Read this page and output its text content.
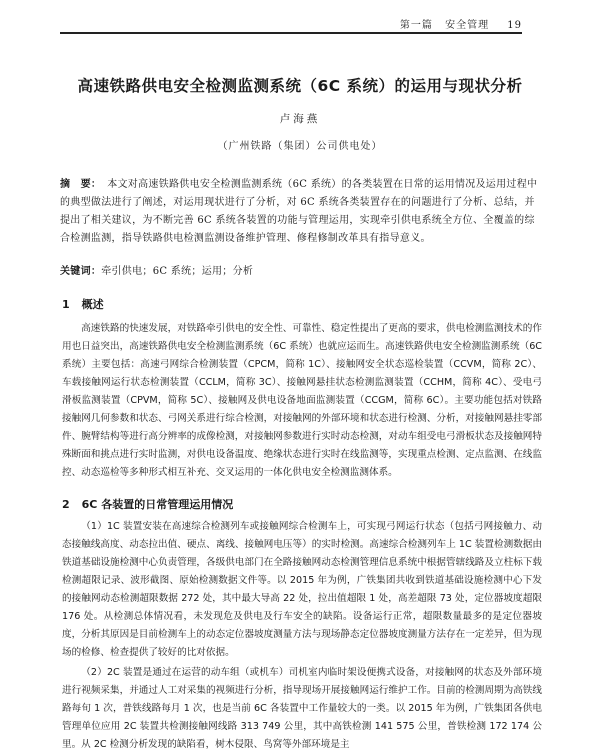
第一篇 安全管理 19
高速铁路供电安全检测监测系统（6C 系统）的运用与现状分析
卢海燕
（广州铁路（集团）公司供电处）
摘　要： 本文对高速铁路供电安全检测监测系统（6C 系统）的各类装置在日常的运用情况及运用过程中的典型做法进行了阐述，对运用现状进行了分析，对 6C 系统各类装置存在的问题进行了分析、总结，并提出了相关建议，为不断完善 6C 系统各装置的功能与管理运用，实现牵引供电系统全方位、全覆盖的综合检测监测，指导铁路供电检测监测设备维护管理、修程修制改革具有指导意义。
关键词：牵引供电；6C 系统；运用；分析
1 概述
高速铁路的快速发展，对铁路牵引供电的安全性、可靠性、稳定性提出了更高的要求，供电检测监测技术的作用也日益突出，高速铁路供电安全检测监测系统（6C 系统）也就应运而生。高速铁路供电安全检测监测系统（6C 系统）主要包括：高速弓网综合检测装置（CPCM，简称 1C）、接触网安全状态巡检装置（CCVM，简称 2C）、车载接触网运行状态检测装置（CCLM，简称 3C）、接触网悬挂状态检测监测装置（CCHM，简称 4C）、受电弓滑板监测装置（CPVM，简称 5C）、接触网及供电设备地面监测装置（CCGM，简称 6C）。主要功能包括对铁路接触网几何参数和状态、弓网关系进行综合检测，对接触网的外部环境和状态进行检测、分析，对接触网悬挂零部件、腕臂结构等进行高分辨率的成像检测，对接触网参数进行实时动态检测，对动车组受电弓滑板状态及接触网特殊断面和挑点进行实时监测，对供电设备温度、绝缘状态进行实时在线监测等，实现重点检测、定点监测、在线监控、动态巡检等多种形式相互补充、交叉运用的一体化供电安全检测监测体系。
2 6C 各装置的日常管理运用情况
（1）1C 装置安装在高速综合检测列车或接触网综合检测车上，可实现弓网运行状态（包括弓网接触力、动态接触线高度、动态拉出值、硬点、离线、接触网电压等）的实时检测。高速综合检测列车上 1C 装置检测数据由铁道基础设施检测中心负责管理，各级供电部门在全路接触网动态检测管理信息系统中根据管辖线路及立柱标下载检测超限记录、波形截图、原始检测数据文件等。以 2015 年为例，广铁集团共收到铁道基础设施检测中心下发的接触网动态检测超限数据 272 处，其中最大导高 22 处，拉出值超限 1 处，高差超限 73 处，定位器坡度超限 176 处。从检测总体情况看，未发现危及供电及行车安全的缺陷。设备运行正常，超限数量最多的是定位器坡度，分析其原因是目前检测车上的动态定位器坡度测量方法与现场静态定位器坡度测量方法存在一定差异，但为现场的检修、检查提供了较好的比对依据。
（2）2C 装置是通过在运营的动车组（或机车）司机室内临时架设便携式设备，对接触网的状态及外部环境进行视频采集，并通过人工对采集的视频进行分析，指导现场开展接触网运行维护工作。目前的检测周期为高铁线路每旬 1 次，普铁线路每月 1 次，也是当前 6C 各装置中工作量较大的一类。以 2015 年为例，广铁集团各供电管理单位应用 2C 装置共检测接触网线路 313 749 公里，其中高铁检测 141 575 公里，普铁检测 172 174 公里。从 2C 检测分析发现的缺陷看，树木侵限、鸟窝等外部环境是主
